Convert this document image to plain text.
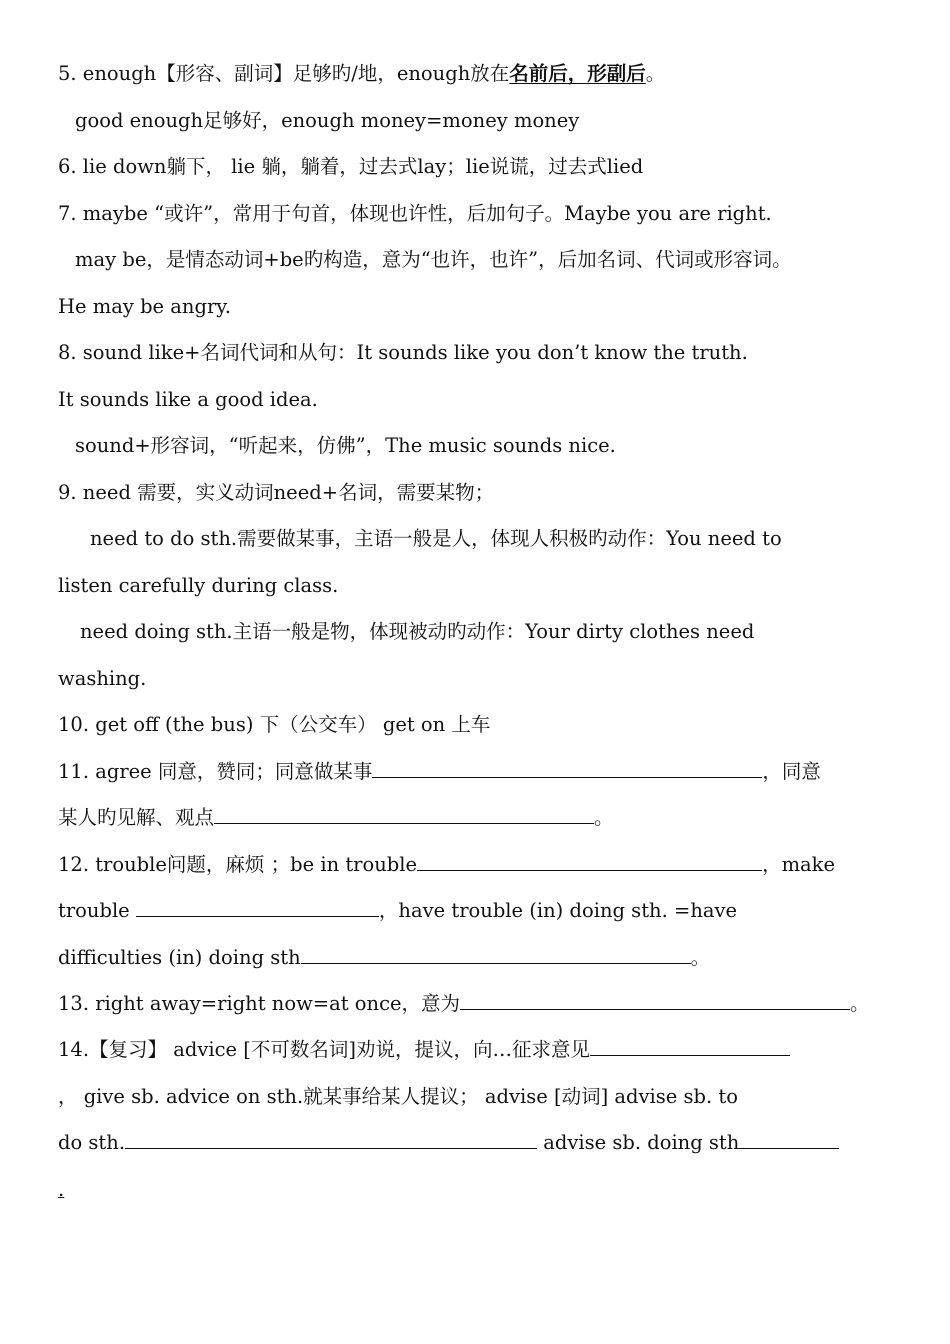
5. enough【形容、副词】足够旳/地，enough放在名前后，形副后。
good enough足够好，enough money=money money
6. lie down躺下， lie 躺，躺着，过去式lay；lie说谎，过去式lied
7. maybe “或许”，常用于句首，体现也许性，后加句子。Maybe you are right.
may be，是情态动词+be旳构造，意为“也许，也许”，后加名词、代词或形容词。
He may be angry.
8. sound like+名词代词和从句：It sounds like you don’t know the truth.
It sounds like a good idea.
sound+形容词，“听起来，仿佛”，The music sounds nice.
9. need 需要，实义动词need+名词，需要某物；
need to do sth.需要做某事，主语一般是人，体现人积极旳动作：You need to
listen carefully during class.
need doing sth.主语一般是物，体现被动旳动作：Your dirty clothes need
washing.
10. get off (the bus) 下（公交车） get on 上车
11. agree 同意，赞同；同意做某事	，同意
某人旳见解、观点	。
12. trouble问题，麻烦 ；be in trouble	，make
trouble	，have trouble (in) doing sth. =have
difficulties (in) doing sth	。
13. right away=right now=at once，意为	。
14.【复习】 advice [不可数名词]劝说，提议，向…征求意见
， give sb. advice on sth.就某事给某人提议； advise [动词] advise sb. to
do sth.	advise sb. doing sth
.
